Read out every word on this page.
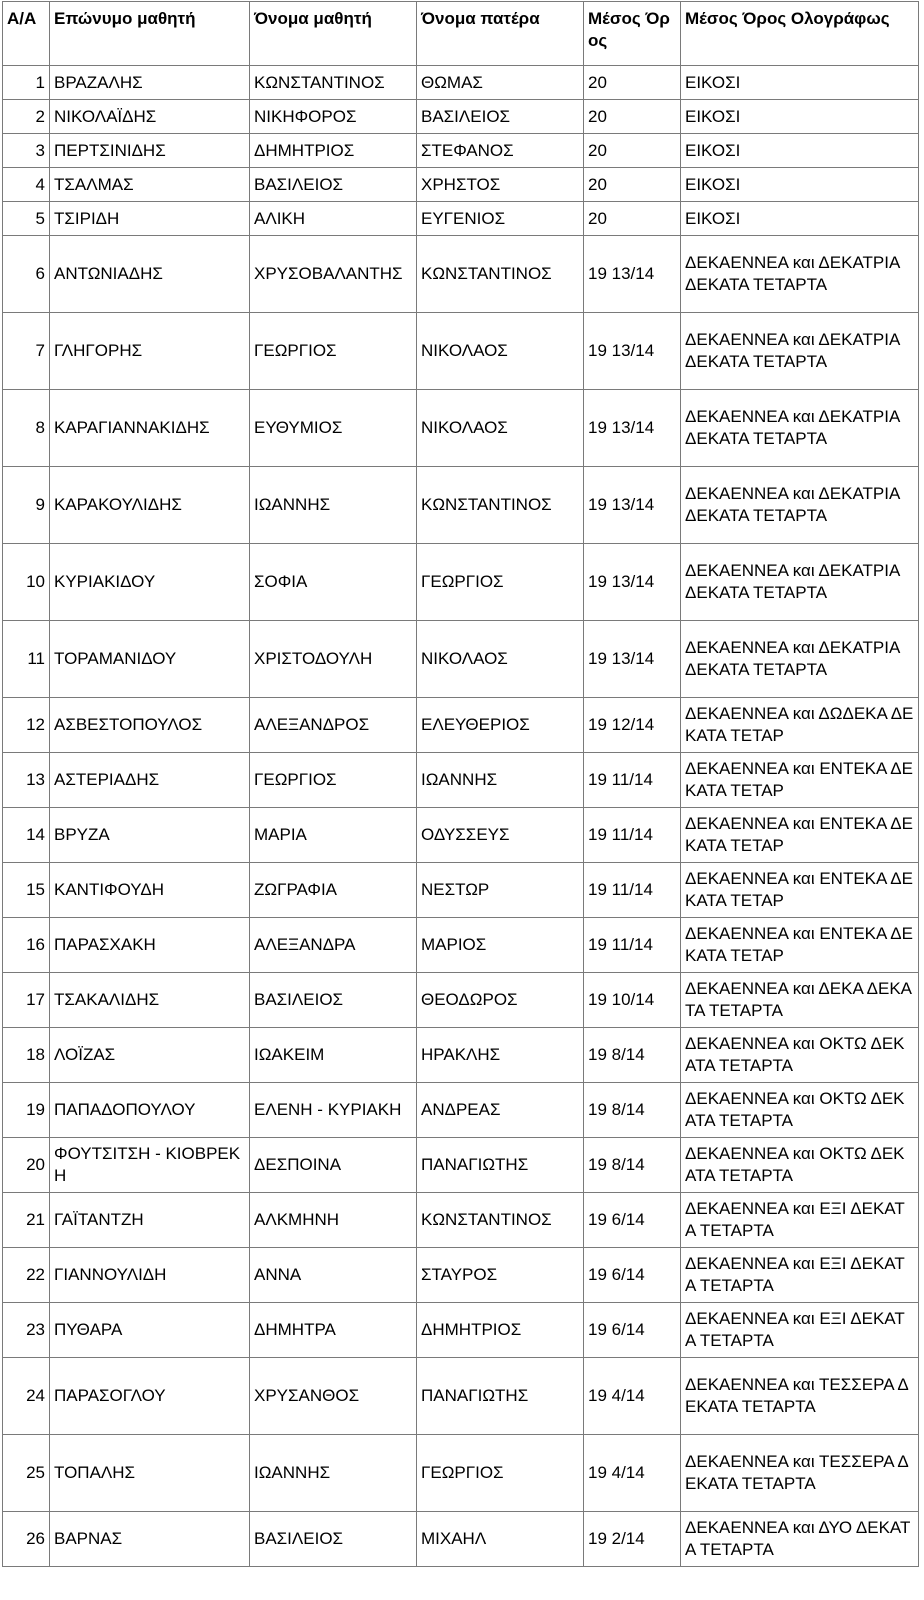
Α/Α	Επώνυμο μαθητή	Όνομα μαθητή	Όνομα πατέρα	Μέσος Όρος	Μέσος Όρος Ολογράφως
1	ΒΡΑΖΑΛΗΣ	ΚΩΝΣΤΑΝΤΙΝΟΣ	ΘΩΜΑΣ	20	ΕΙΚΟΣΙ
2	ΝΙΚΟΛΑΪΔΗΣ	ΝΙΚΗΦΟΡΟΣ	ΒΑΣΙΛΕΙΟΣ	20	ΕΙΚΟΣΙ
3	ΠΕΡΤΣΙΝΙΔΗΣ	ΔΗΜΗΤΡΙΟΣ	ΣΤΕΦΑΝΟΣ	20	ΕΙΚΟΣΙ
4	ΤΣΑΛΜΑΣ	ΒΑΣΙΛΕΙΟΣ	ΧΡΗΣΤΟΣ	20	ΕΙΚΟΣΙ
5	ΤΣΙΡΙΔΗ	ΑΛΙΚΗ	ΕΥΓΕΝΙΟΣ	20	ΕΙΚΟΣΙ
6	ΑΝΤΩΝΙΑΔΗΣ	ΧΡΥΣΟΒΑΛΑΝΤΗΣ	ΚΩΝΣΤΑΝΤΙΝΟΣ	19 13/14	ΔΕΚΑΕΝΝΕΑ και ΔΕΚΑΤΡΙΑ ΔΕΚΑΤΑ ΤΕΤΑΡΤΑ
7	ΓΛΗΓΟΡΗΣ	ΓΕΩΡΓΙΟΣ	ΝΙΚΟΛΑΟΣ	19 13/14	ΔΕΚΑΕΝΝΕΑ και ΔΕΚΑΤΡΙΑ ΔΕΚΑΤΑ ΤΕΤΑΡΤΑ
8	ΚΑΡΑΓΙΑΝΝΑΚΙΔΗΣ	ΕΥΘΥΜΙΟΣ	ΝΙΚΟΛΑΟΣ	19 13/14	ΔΕΚΑΕΝΝΕΑ και ΔΕΚΑΤΡΙΑ ΔΕΚΑΤΑ ΤΕΤΑΡΤΑ
9	ΚΑΡΑΚΟΥΛΙΔΗΣ	ΙΩΑΝΝΗΣ	ΚΩΝΣΤΑΝΤΙΝΟΣ	19 13/14	ΔΕΚΑΕΝΝΕΑ και ΔΕΚΑΤΡΙΑ ΔΕΚΑΤΑ ΤΕΤΑΡΤΑ
10	ΚΥΡΙΑΚΙΔΟΥ	ΣΟΦΙΑ	ΓΕΩΡΓΙΟΣ	19 13/14	ΔΕΚΑΕΝΝΕΑ και ΔΕΚΑΤΡΙΑ ΔΕΚΑΤΑ ΤΕΤΑΡΤΑ
11	ΤΟΡΑΜΑΝΙΔΟΥ	ΧΡΙΣΤΟΔΟΥΛΗ	ΝΙΚΟΛΑΟΣ	19 13/14	ΔΕΚΑΕΝΝΕΑ και ΔΕΚΑΤΡΙΑ ΔΕΚΑΤΑ ΤΕΤΑΡΤΑ
12	ΑΣΒΕΣΤΟΠΟΥΛΟΣ	ΑΛΕΞΑΝΔΡΟΣ	ΕΛΕΥΘΕΡΙΟΣ	19 12/14	ΔΕΚΑΕΝΝΕΑ και ΔΩΔΕΚΑ ΔΕΚΑΤΑ ΤΕΤΑΡ
13	ΑΣΤΕΡΙΑΔΗΣ	ΓΕΩΡΓΙΟΣ	ΙΩΑΝΝΗΣ	19 11/14	ΔΕΚΑΕΝΝΕΑ και ΕΝΤΕΚΑ ΔΕΚΑΤΑ ΤΕΤΑΡ
14	ΒΡΥΖΑ	ΜΑΡΙΑ	ΟΔΥΣΣΕΥΣ	19 11/14	ΔΕΚΑΕΝΝΕΑ και ΕΝΤΕΚΑ ΔΕΚΑΤΑ ΤΕΤΑΡ
15	ΚΑΝΤΙΦΟΥΔΗ	ΖΩΓΡΑΦΙΑ	ΝΕΣΤΩΡ	19 11/14	ΔΕΚΑΕΝΝΕΑ και ΕΝΤΕΚΑ ΔΕΚΑΤΑ ΤΕΤΑΡ
16	ΠΑΡΑΣΧΑΚΗ	ΑΛΕΞΑΝΔΡΑ	ΜΑΡΙΟΣ	19 11/14	ΔΕΚΑΕΝΝΕΑ και ΕΝΤΕΚΑ ΔΕΚΑΤΑ ΤΕΤΑΡ
17	ΤΣΑΚΑΛΙΔΗΣ	ΒΑΣΙΛΕΙΟΣ	ΘΕΟΔΩΡΟΣ	19 10/14	ΔΕΚΑΕΝΝΕΑ και ΔΕΚΑ ΔΕΚΑΤΑ ΤΕΤΑΡΤΑ
18	ΛΟΪΖΑΣ	ΙΩΑΚΕΙΜ	ΗΡΑΚΛΗΣ	19 8/14	ΔΕΚΑΕΝΝΕΑ και ΟΚΤΩ ΔΕΚΑΤΑ ΤΕΤΑΡΤΑ
19	ΠΑΠΑΔΟΠΟΥΛΟΥ	ΕΛΕΝΗ - ΚΥΡΙΑΚΗ	ΑΝΔΡΕΑΣ	19 8/14	ΔΕΚΑΕΝΝΕΑ και ΟΚΤΩ ΔΕΚΑΤΑ ΤΕΤΑΡΤΑ
20	ΦΟΥΤΣΙΤΣΗ - ΚΙΟΒΡΕΚΗ	ΔΕΣΠΟΙΝΑ	ΠΑΝΑΓΙΩΤΗΣ	19 8/14	ΔΕΚΑΕΝΝΕΑ και ΟΚΤΩ ΔΕΚΑΤΑ ΤΕΤΑΡΤΑ
21	ΓΑΪΤΑΝΤΖΗ	ΑΛΚΜΗΝΗ	ΚΩΝΣΤΑΝΤΙΝΟΣ	19 6/14	ΔΕΚΑΕΝΝΕΑ και ΕΞΙ ΔΕΚΑΤΑ ΤΕΤΑΡΤΑ
22	ΓΙΑΝΝΟΥΛΙΔΗ	ΑΝΝΑ	ΣΤΑΥΡΟΣ	19 6/14	ΔΕΚΑΕΝΝΕΑ και ΕΞΙ ΔΕΚΑΤΑ ΤΕΤΑΡΤΑ
23	ΠΥΘΑΡΑ	ΔΗΜΗΤΡΑ	ΔΗΜΗΤΡΙΟΣ	19 6/14	ΔΕΚΑΕΝΝΕΑ και ΕΞΙ ΔΕΚΑΤΑ ΤΕΤΑΡΤΑ
24	ΠΑΡΑΣΟΓΛΟΥ	ΧΡΥΣΑΝΘΟΣ	ΠΑΝΑΓΙΩΤΗΣ	19 4/14	ΔΕΚΑΕΝΝΕΑ και ΤΕΣΣΕΡΑ ΔΕΚΑΤΑ ΤΕΤΑΡΤΑ
25	ΤΟΠΑΛΗΣ	ΙΩΑΝΝΗΣ	ΓΕΩΡΓΙΟΣ	19 4/14	ΔΕΚΑΕΝΝΕΑ και ΤΕΣΣΕΡΑ ΔΕΚΑΤΑ ΤΕΤΑΡΤΑ
26	ΒΑΡΝΑΣ	ΒΑΣΙΛΕΙΟΣ	ΜΙΧΑΗΛ	19 2/14	ΔΕΚΑΕΝΝΕΑ και ΔΥΟ ΔΕΚΑΤΑ ΤΕΤΑΡΤΑ
